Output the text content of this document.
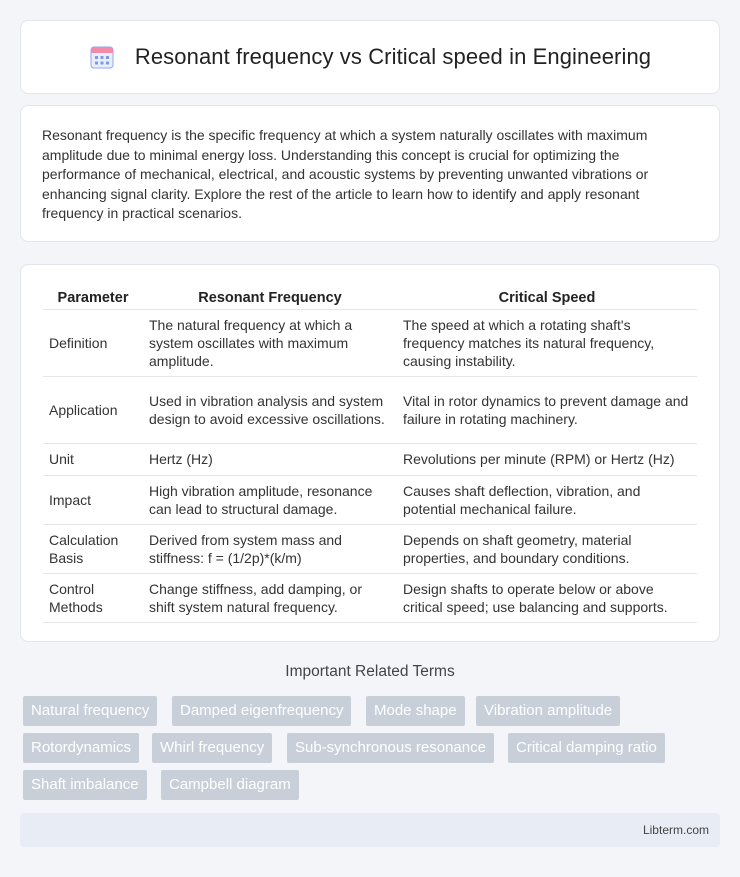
Resonant frequency vs Critical speed in Engineering

Resonant frequency is the specific frequency at which a system naturally oscillates with maximum amplitude due to minimal energy loss. Understanding this concept is crucial for optimizing the performance of mechanical, electrical, and acoustic systems by preventing unwanted vibrations or enhancing signal clarity. Explore the rest of the article to learn how to identify and apply resonant frequency in practical scenarios.

Parameter	Resonant Frequency	Critical Speed
Definition	The natural frequency at which a system oscillates with maximum amplitude.	The speed at which a rotating shaft's frequency matches its natural frequency, causing instability.
Application	Used in vibration analysis and system design to avoid excessive oscillations.	Vital in rotor dynamics to prevent damage and failure in rotating machinery.
Unit	Hertz (Hz)	Revolutions per minute (RPM) or Hertz (Hz)
Impact	High vibration amplitude, resonance can lead to structural damage.	Causes shaft deflection, vibration, and potential mechanical failure.
Calculation Basis	Derived from system mass and stiffness: f = (1/2p)*(k/m)	Depends on shaft geometry, material properties, and boundary conditions.
Control Methods	Change stiffness, add damping, or shift system natural frequency.	Design shafts to operate below or above critical speed; use balancing and supports.
Important Related Terms
Natural frequency	Damped eigenfrequency	Mode shape	Vibration amplitude
Rotordynamics	Whirl frequency	Sub-synchronous resonance	Critical damping ratio
Shaft imbalance	Campbell diagram
Libterm.com
